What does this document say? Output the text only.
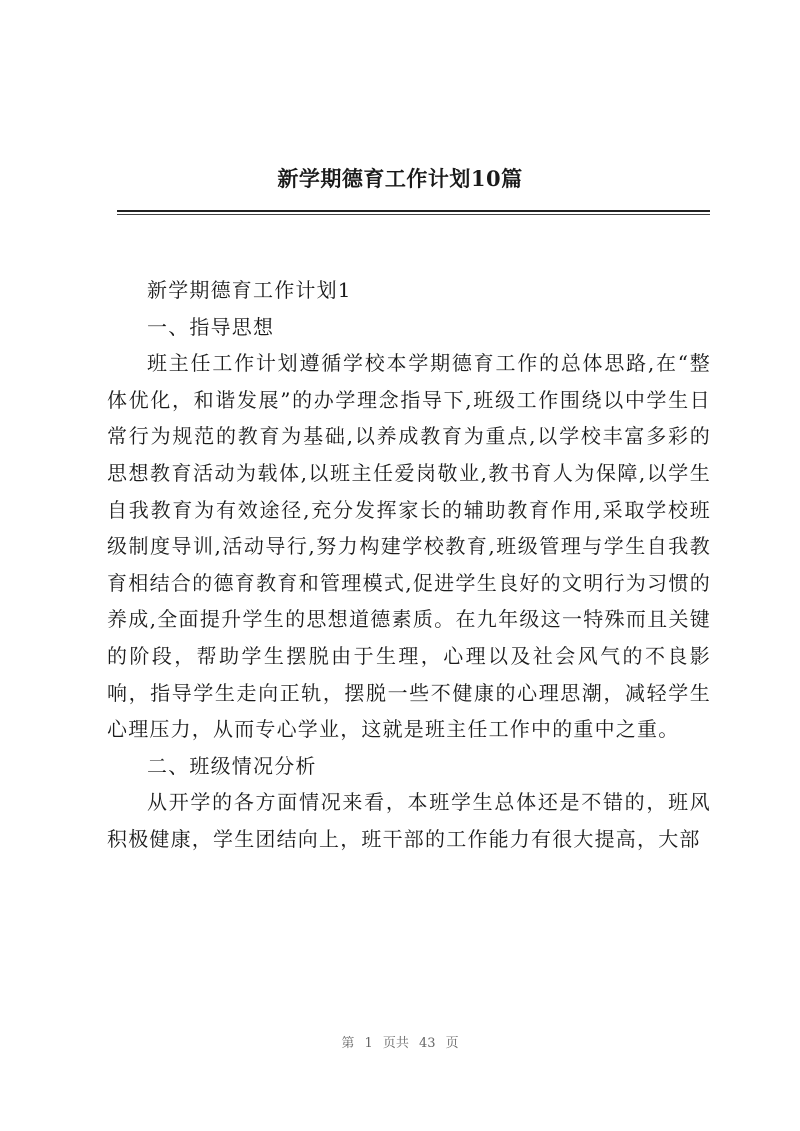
新学期德育工作计划10篇

新学期德育工作计划1

一、指导思想

班主任工作计划遵循学校本学期德育工作的总体思路,在“整体优化，和谐发展”的办学理念指导下,班级工作围绕以中学生日常行为规范的教育为基础,以养成教育为重点,以学校丰富多彩的思想教育活动为载体,以班主任爱岗敬业,教书育人为保障,以学生自我教育为有效途径,充分发挥家长的辅助教育作用,采取学校班级制度导训,活动导行,努力构建学校教育,班级管理与学生自我教育相结合的德育教育和管理模式,促进学生良好的文明行为习惯的养成,全面提升学生的思想道德素质。在九年级这一特殊而且关键的阶段，帮助学生摆脱由于生理，心理以及社会风气的不良影响，指导学生走向正轨，摆脱一些不健康的心理思潮，减轻学生心理压力，从而专心学业，这就是班主任工作中的重中之重。

二、班级情况分析

从开学的各方面情况来看，本班学生总体还是不错的，班风积极健康，学生团结向上，班干部的工作能力有很大提高，大部

第 1 页共 43 页
